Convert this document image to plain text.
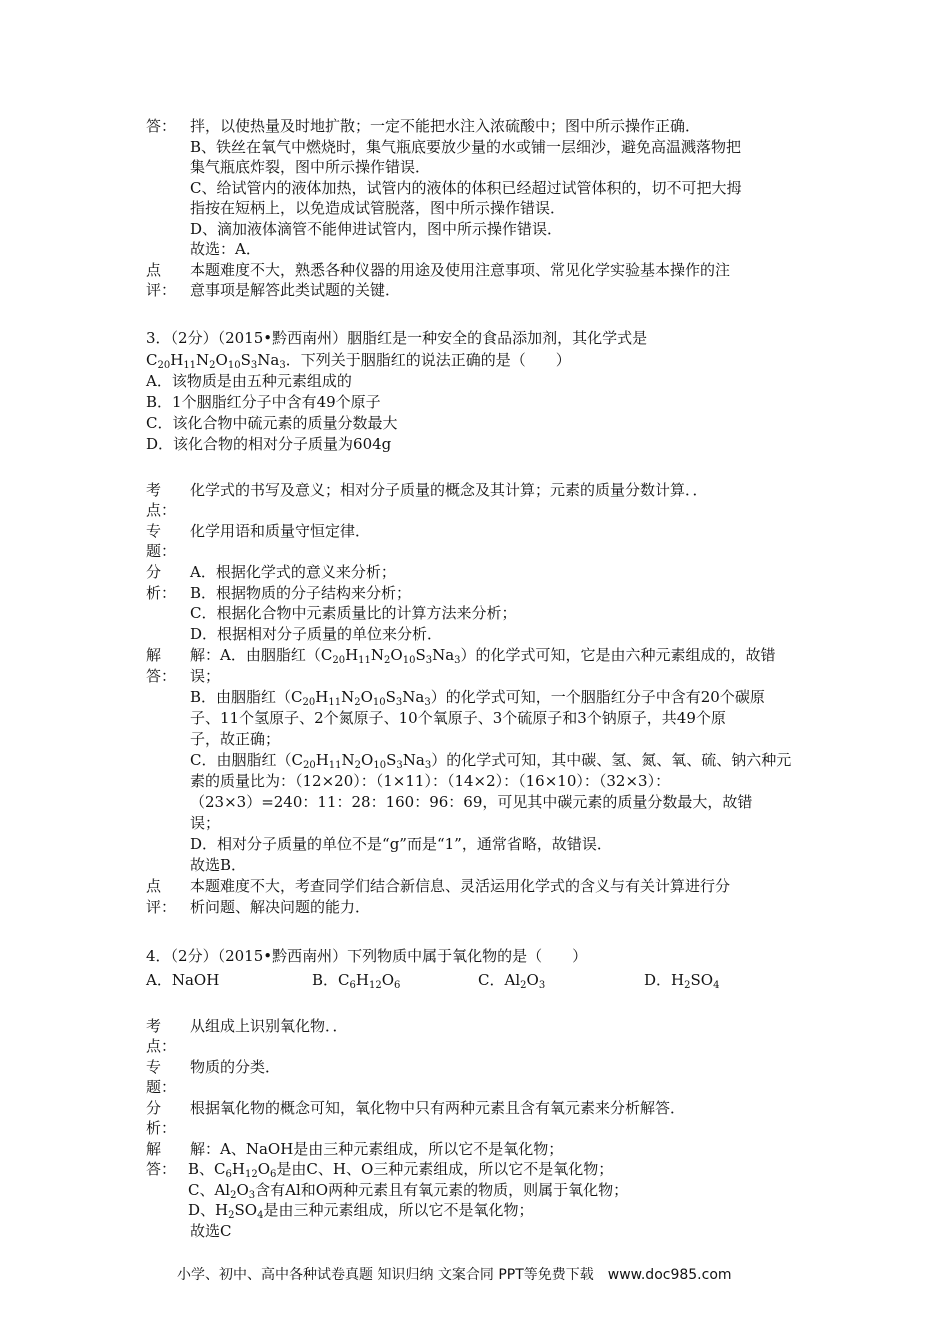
答： 拌，以使热量及时地扩散；一定不能把水注入浓硫酸中；图中所示操作正确．
B、铁丝在氧气中燃烧时，集气瓶底要放少量的水或铺一层细沙，避免高温溅落物把
集气瓶底炸裂，图中所示操作错误．
C、给试管内的液体加热，试管内的液体的体积已经超过试管体积的，切不可把大拇
指按在短柄上，以免造成试管脱落，图中所示操作错误．
D、滴加液体滴管不能伸进试管内，图中所示操作错误．
故选：A．
点
评：
本题难度不大，熟悉各种仪器的用途及使用注意事项、常见化学实验基本操作的注
意事项是解答此类试题的关键．
3．（2分）（2015•黔西南州）胭脂红是一种安全的食品添加剂，其化学式是
$C_{20}H_{11}N_2O_{10}S_3Na_3$．下列关于胭脂红的说法正确的是（　　）
A．该物质是由五种元素组成的
B．1个胭脂红分子中含有49个原子
C．该化合物中硫元素的质量分数最大
D．该化合物的相对分子质量为604g
考
点：
化学式的书写及意义；相对分子质量的概念及其计算；元素的质量分数计算．．
专
题：
化学用语和质量守恒定律．
分
析：
A．根据化学式的意义来分析；
B．根据物质的分子结构来分析；
C．根据化合物中元素质量比的计算方法来分析；
D．根据相对分子质量的单位来分析．
解
答：
解：A．由胭脂红$(C_{20}H_{11}N_2O_{10}S_3Na_3)$的化学式可知，它是由六种元素组成的，故错
误；
B．由胭脂红$(C_{20}H_{11}N_2O_{10}S_3Na_3)$的化学式可知，一个胭脂红分子中含有20个碳原
子、11个氢原子、2个氮原子、10个氧原子、3个硫原子和3个钠原子，共49个原
子，故正确；
C．由胭脂红$(C_{20}H_{11}N_2O_{10}S_3Na_3)$的化学式可知，其中碳、氢、氮、氧、硫、钠六种元
素的质量比为：（12×20）：（1×11）：（14×2）：（16×10）：（32×3）：
（23×3）=240：11：28：160：96：69，可见其中碳元素的质量分数最大，故错
误；
D．相对分子质量的单位不是“g”而是“1”，通常省略，故错误．
故选B．
点
评：
本题难度不大，考查同学们结合新信息、灵活运用化学式的含义与有关计算进行分
析问题、解决问题的能力．
4．（2分）（2015•黔西南州）下列物质中属于氧化物的是（　　）
A．NaOH	B．$C_6H_{12}O_6$	C．$Al_2O_3$	D．$H_2SO_4$
考
点：
从组成上识别氧化物．．
专
题：
物质的分类．
分
析：
根据氧化物的概念可知，氧化物中只有两种元素且含有氧元素来分析解答．
解
答：
解：A、NaOH是由三种元素组成，所以它不是氧化物；
B、$C_6H_{12}O_6$是由C、H、O三种元素组成，所以它不是氧化物；
C、$Al_2O_3$含有Al和O两种元素且有氧元素的物质，则属于氧化物；
D、$H_2SO_4$是由三种元素组成，所以它不是氧化物；
故选C
小学、初中、高中各种试卷真题 知识归纳 文案合同 PPT等免费下载　www.doc985.com
